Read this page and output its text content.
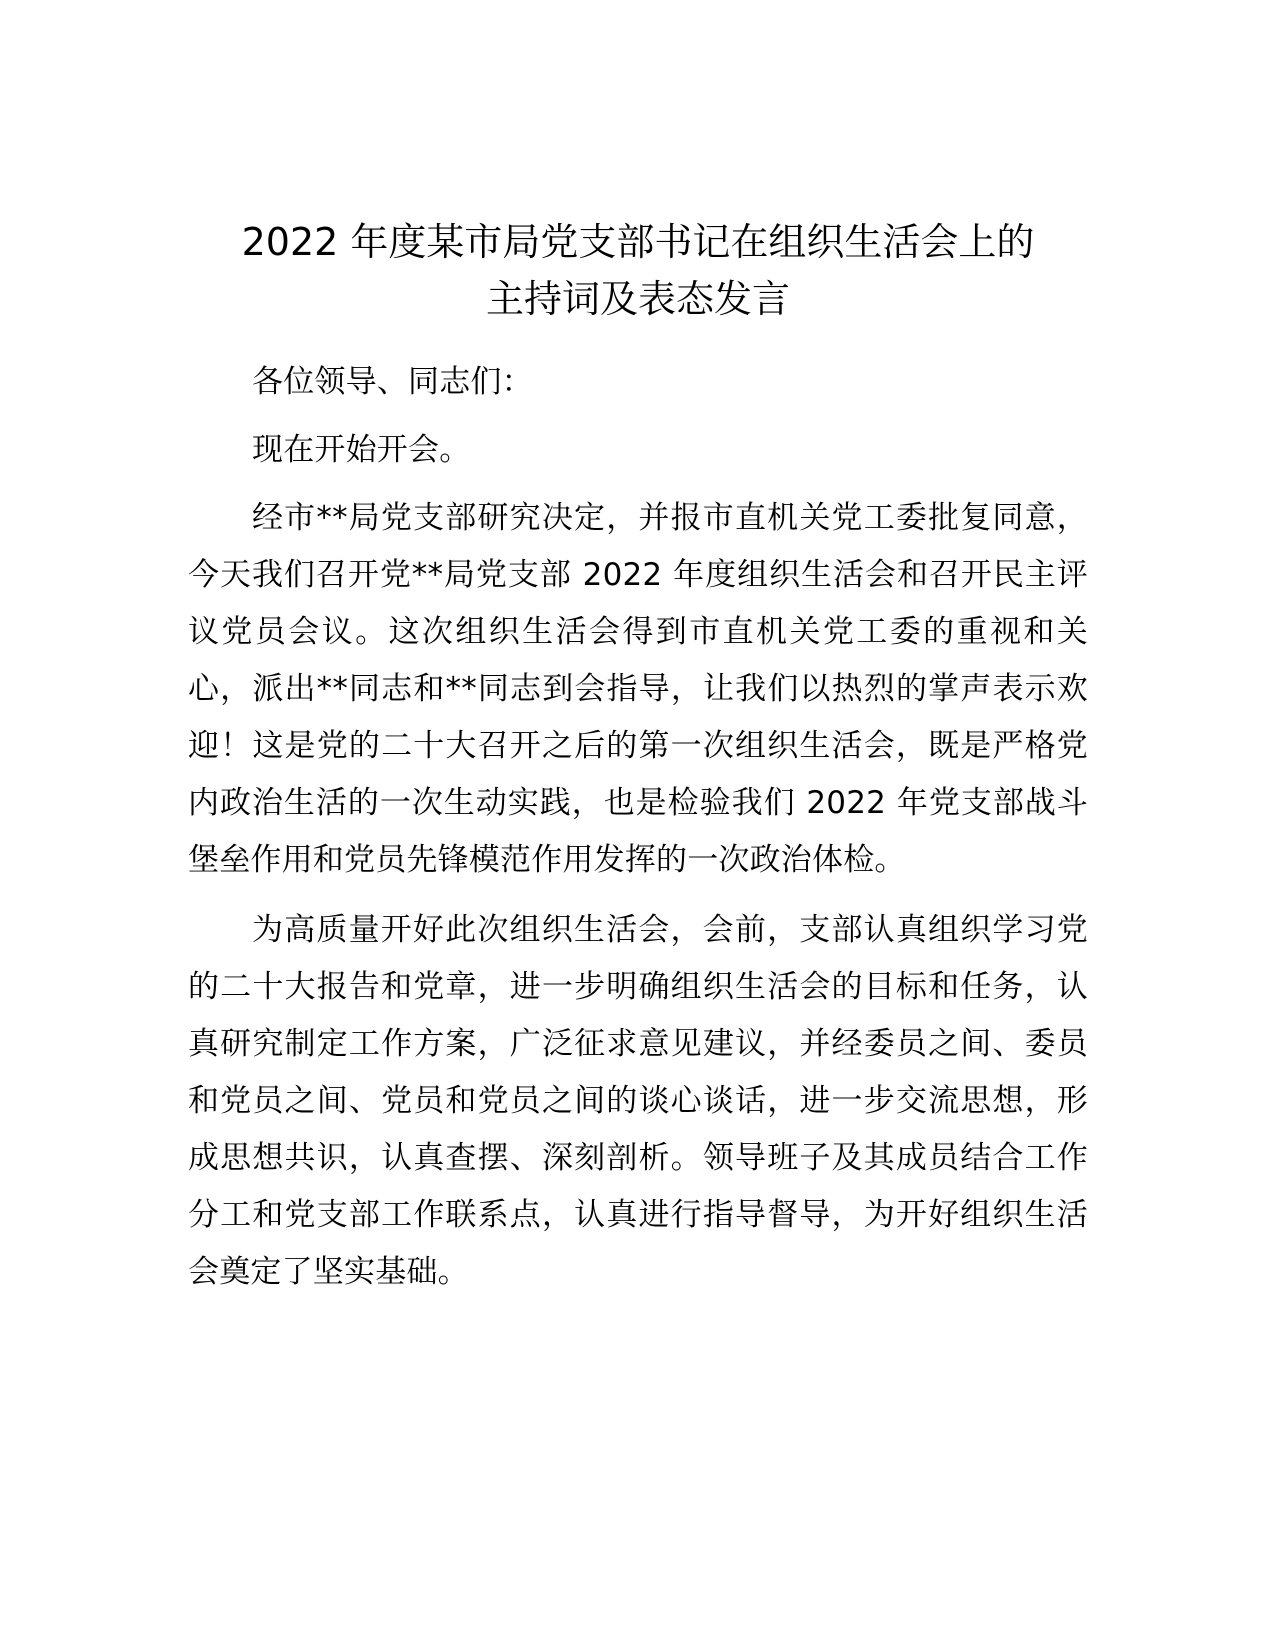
2022 年度某市局党支部书记在组织生活会上的
主持词及表态发言

各位领导、同志们：

现在开始开会。

经市**局党支部研究决定，并报市直机关党工委批复同意，今天我们召开党**局党支部 2022 年度组织生活会和召开民主评议党员会议。这次组织生活会得到市直机关党工委的重视和关心，派出**同志和**同志到会指导，让我们以热烈的掌声表示欢迎！这是党的二十大召开之后的第一次组织生活会，既是严格党内政治生活的一次生动实践，也是检验我们 2022 年党支部战斗堡垒作用和党员先锋模范作用发挥的一次政治体检。

为高质量开好此次组织生活会，会前，支部认真组织学习党的二十大报告和党章，进一步明确组织生活会的目标和任务，认真研究制定工作方案，广泛征求意见建议，并经委员之间、委员和党员之间、党员和党员之间的谈心谈话，进一步交流思想，形成思想共识，认真查摆、深刻剖析。领导班子及其成员结合工作分工和党支部工作联系点，认真进行指导督导，为开好组织生活会奠定了坚实基础。
